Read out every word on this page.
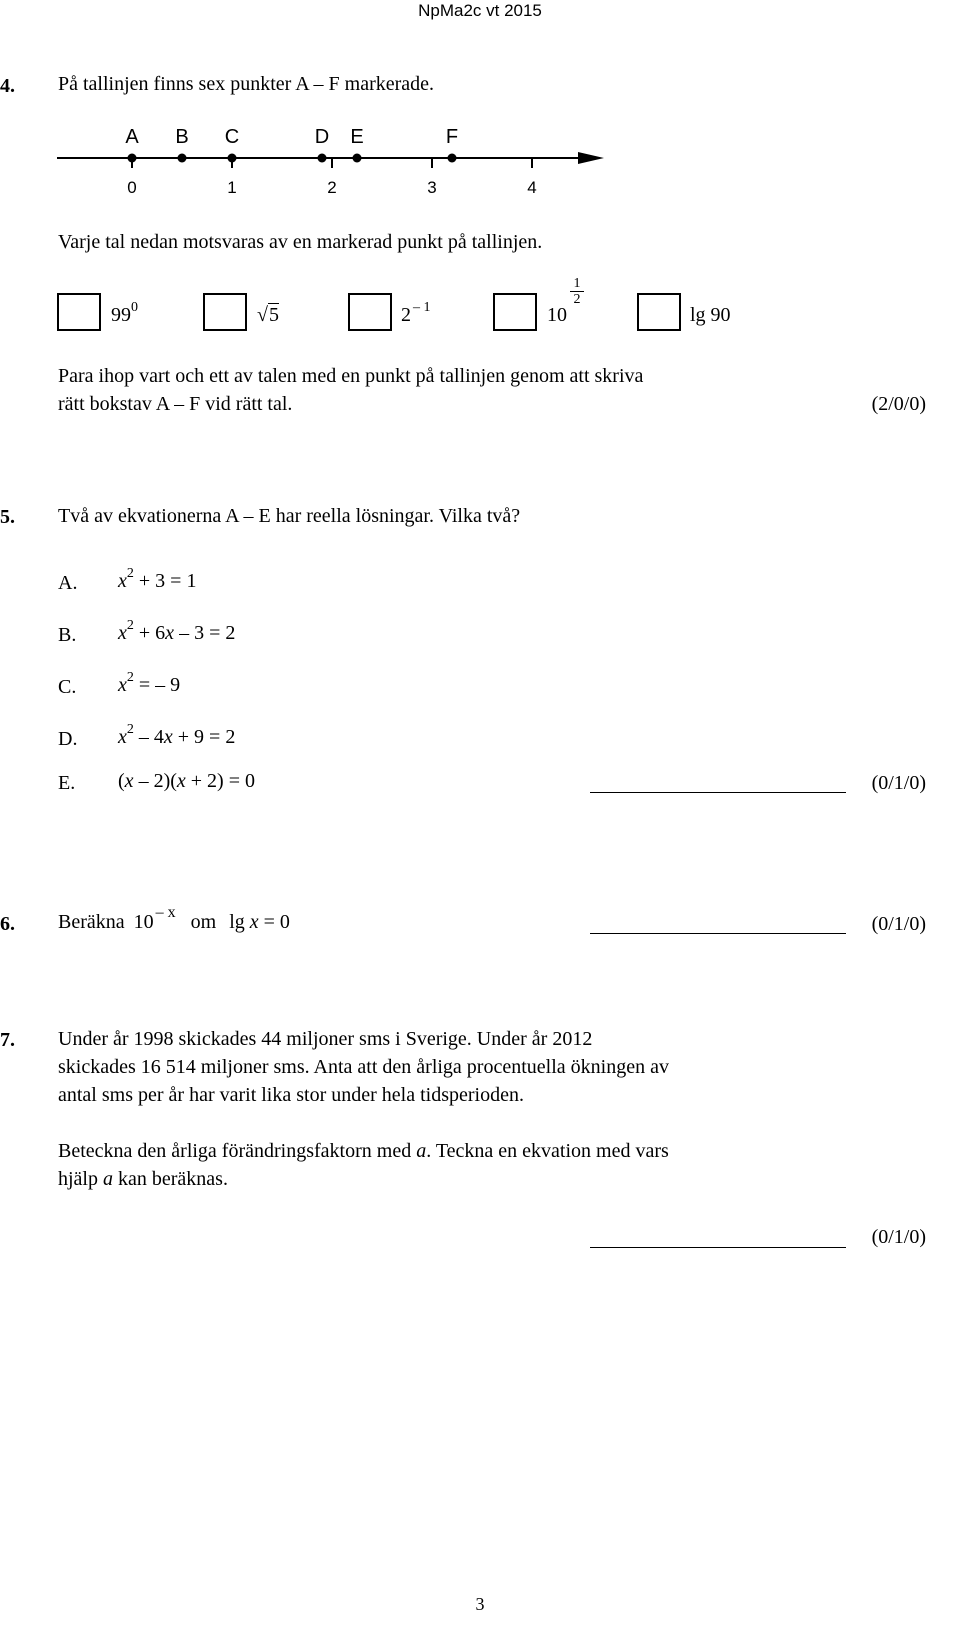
NpMa2c vt 2015
4. På tallinjen finns sex punkter A – F markerade.
0	1	2	3	4
A B C	D E	F
Varje tal nedan motsvaras av en markerad punkt på tallinjen.
$99^0$	√5	2 $^{- 1}$	10
1
2
lg 90
Para ihop vart och ett av talen med en punkt på tallinjen genom att skriva
rätt bokstav A – F vid rätt tal.	(2/0/0)
5. Två av ekvationerna A – E har reella lösningar. Vilka två?
A. $x^2 + 3 = 1$
B. $x^2 + 6x - 3 = 2$
C. $x^2$ = – 9
D. $x^2 - 4x + 9 = 2$
E. (x – 2)(x + 2) = 0	(0/1/0)
6. Beräkna 10 $^{- x}$ om lg x = 0	(0/1/0)
7. Under år 1998 skickades 44 miljoner sms i Sverige. Under år 2012
skickades 16 514 miljoner sms. Anta att den årliga procentuella ökningen av
antal sms per år har varit lika stor under hela tidsperioden.
Beteckna den årliga förändringsfaktorn med a. Teckna en ekvation med vars
hjälp a kan beräknas.
(0/1/0)
3
